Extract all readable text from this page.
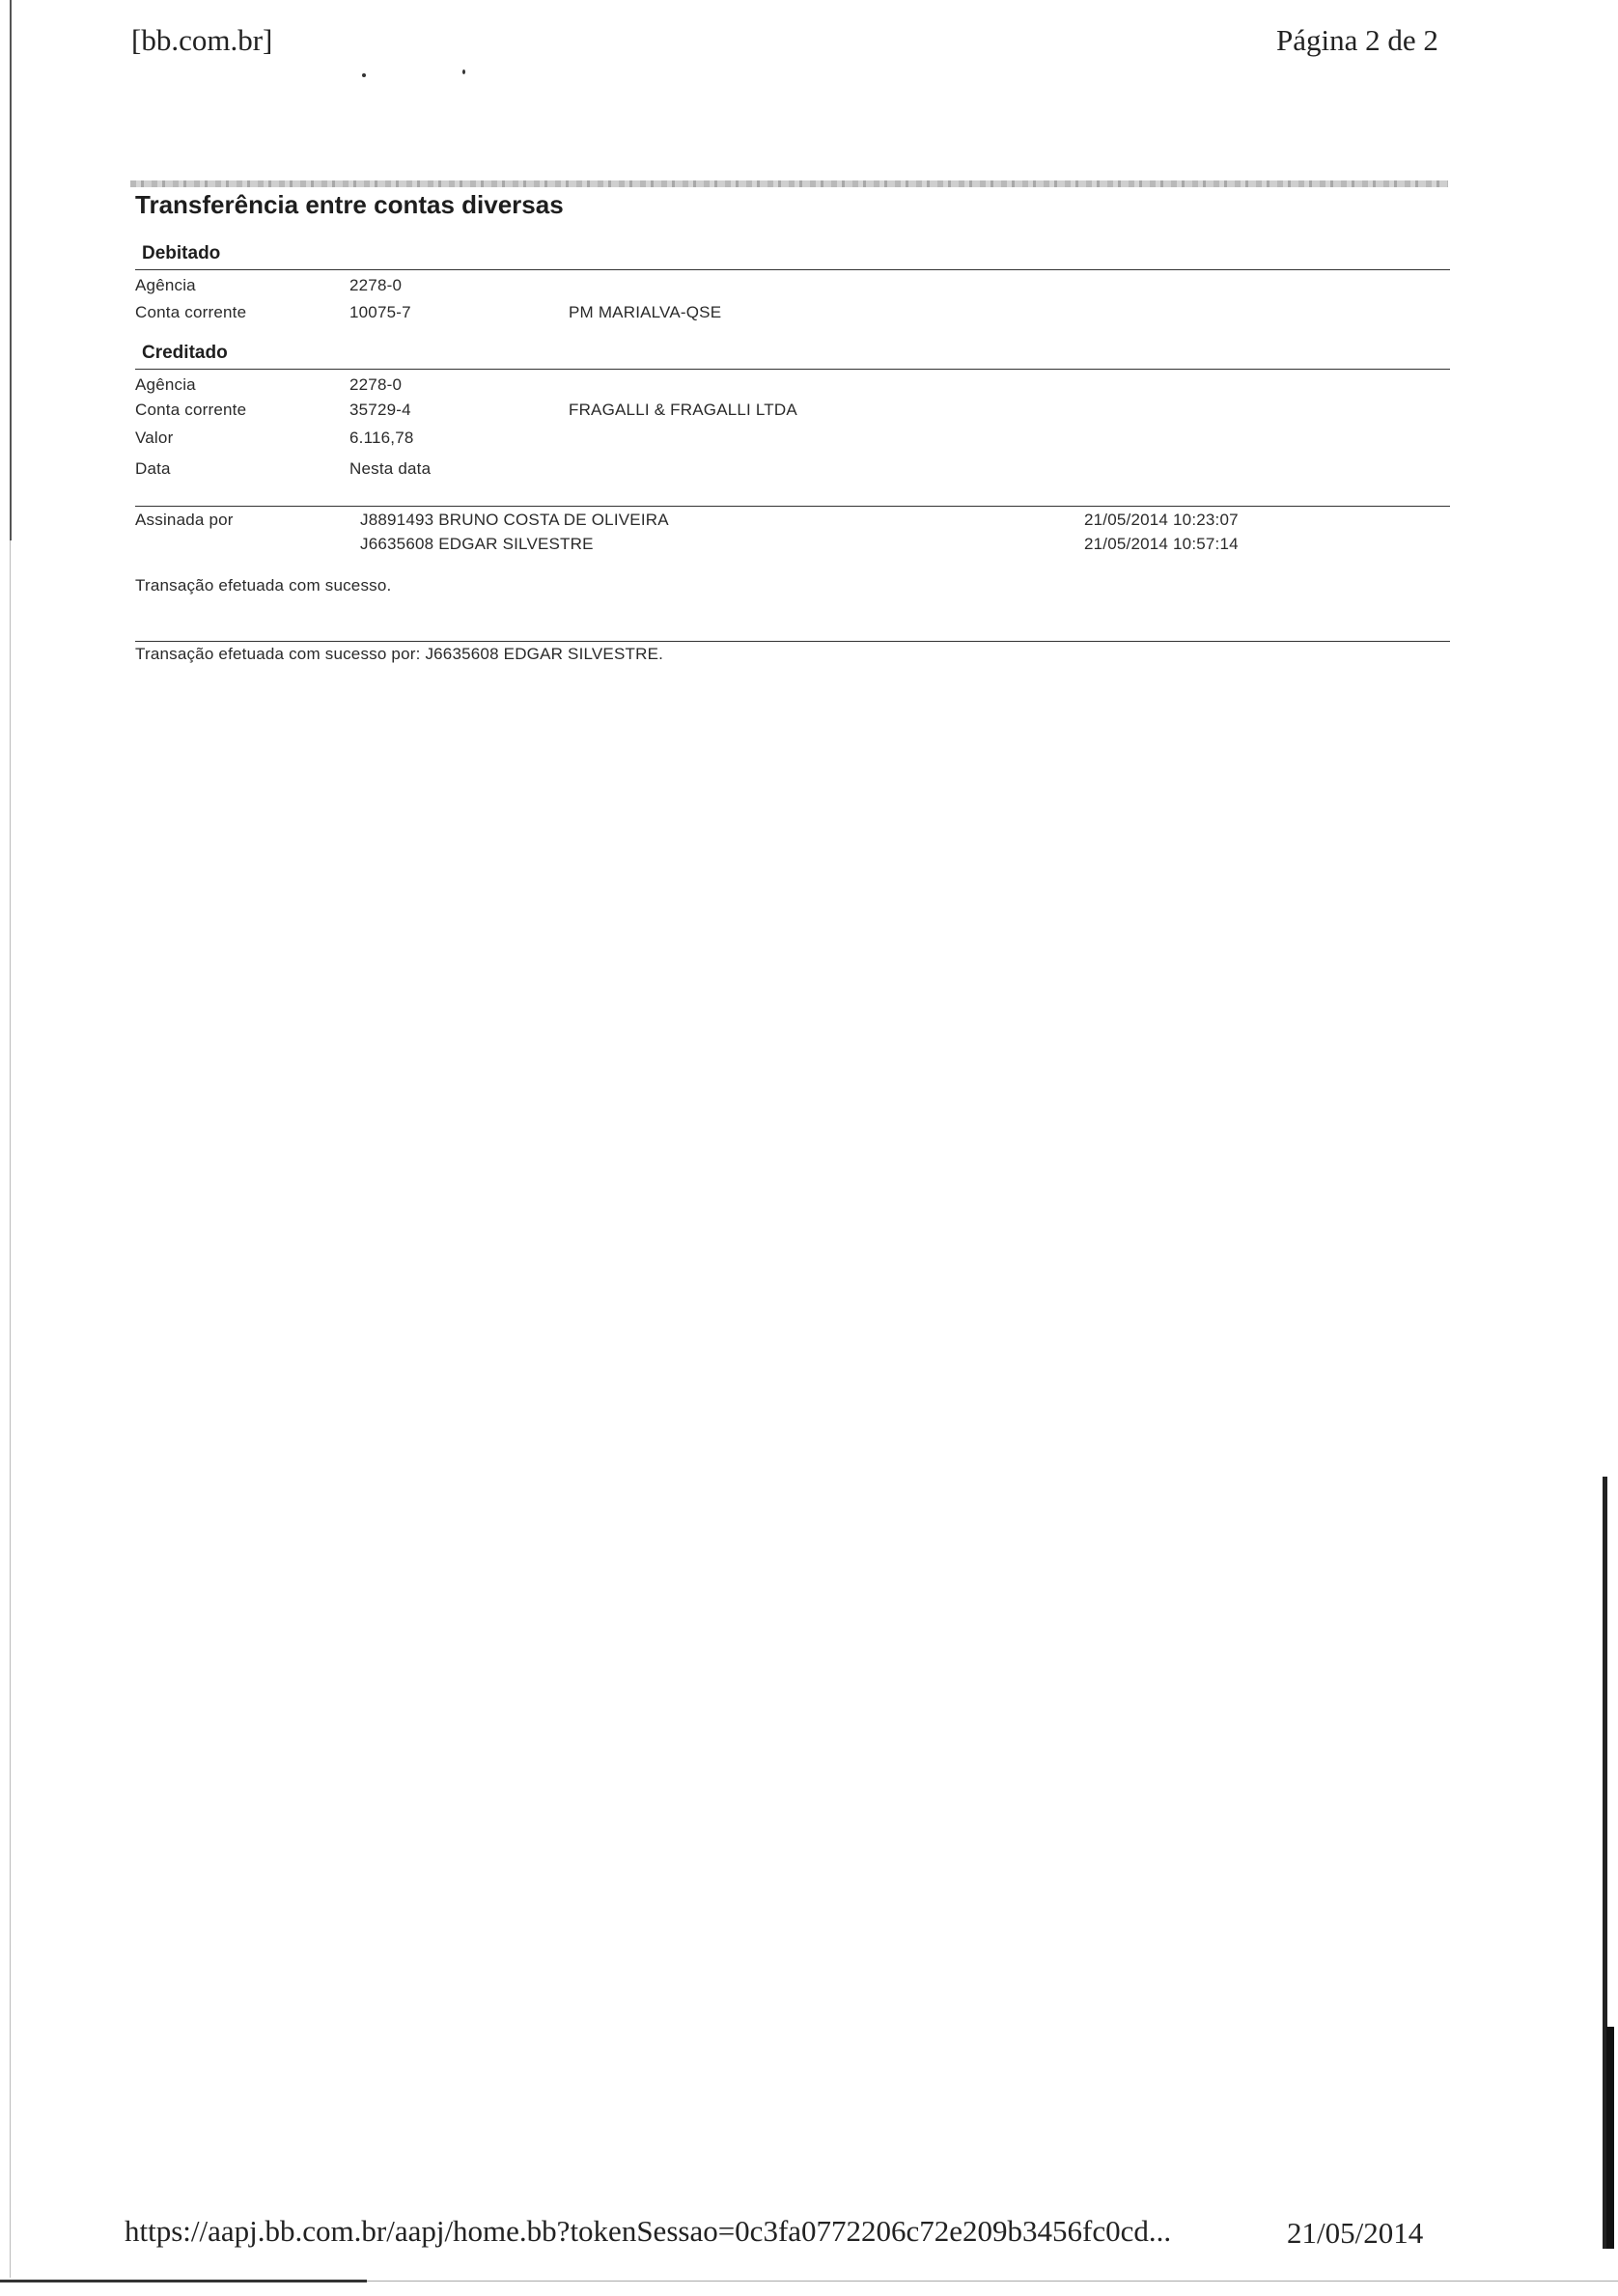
[bb.com.br]	Página 2 de 2
Transferência entre contas diversas
Debitado
Agência	2278-0
Conta corrente	10075-7	PM MARIALVA-QSE
Creditado
Agência	2278-0
Conta corrente	35729-4	FRAGALLI & FRAGALLI LTDA
Valor	6.116,78
Data	Nesta data
Assinada por	J8891493 BRUNO COSTA DE OLIVEIRA	21/05/2014 10:23:07
J6635608 EDGAR SILVESTRE	21/05/2014 10:57:14
Transação efetuada com sucesso.
Transação efetuada com sucesso por: J6635608 EDGAR SILVESTRE.
https://aapj.bb.com.br/aapj/home.bb?tokenSessao=0c3fa0772206c72e209b3456fc0cd...	21/05/2014
